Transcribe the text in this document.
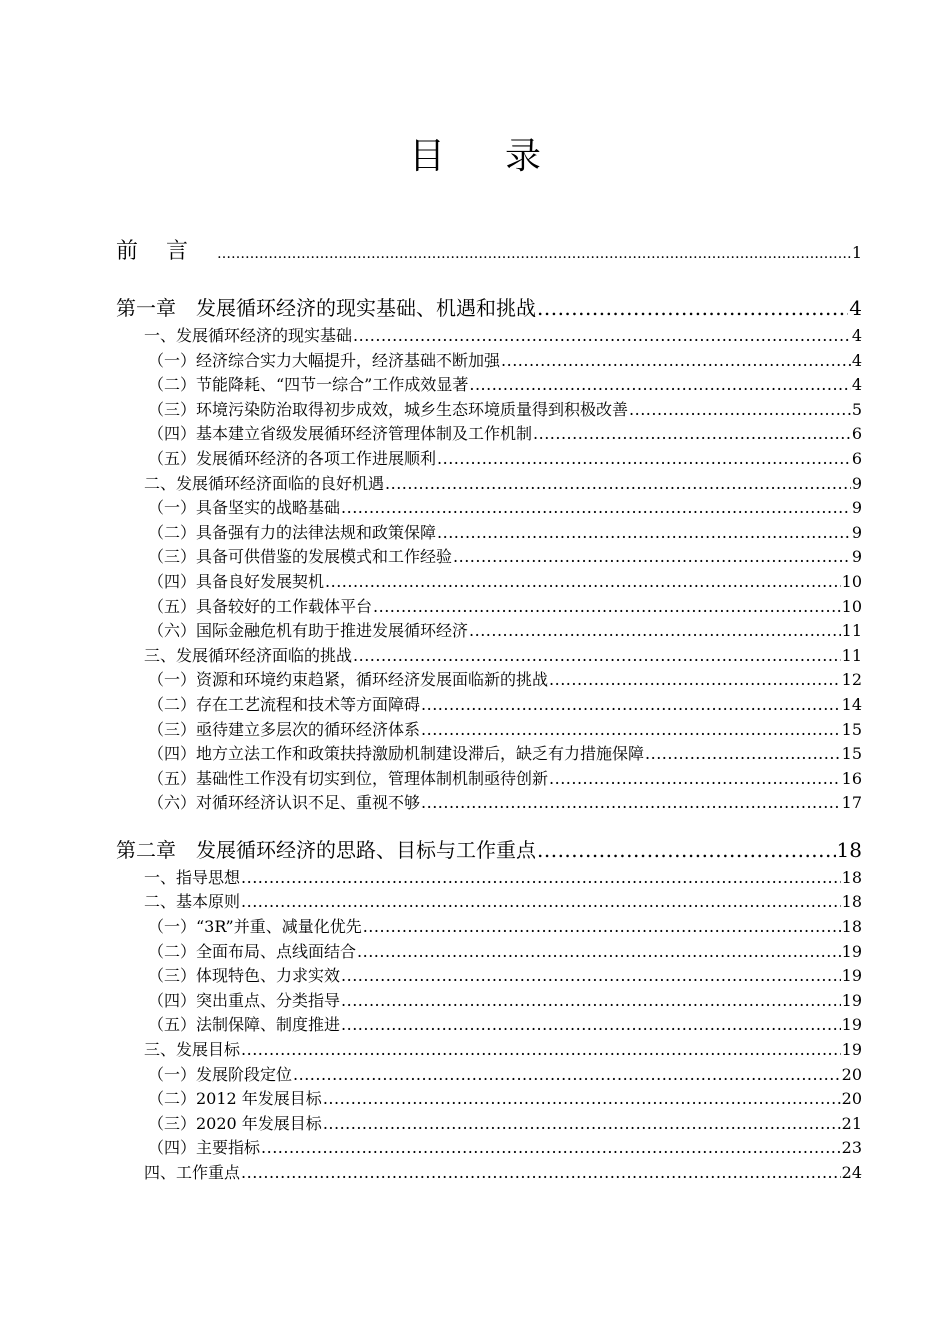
目录
前言 ………………………………………………………………………………………………………………………………………………………………	1
第一章　发展循环经济的现实基础、机遇和挑战 .....	4
一、发展循环经济的现实基础 .....	4
（一）经济综合实力大幅提升，经济基础不断加强 .....	4
（二）节能降耗、“四节一综合”工作成效显著 .....	4
（三）环境污染防治取得初步成效，城乡生态环境质量得到积极改善 .....	5
（四）基本建立省级发展循环经济管理体制及工作机制 .....	6
（五）发展循环经济的各项工作进展顺利 .....	6
二、发展循环经济面临的良好机遇 .....	9
（一）具备坚实的战略基础 .....	9
（二）具备强有力的法律法规和政策保障 .....	9
（三）具备可供借鉴的发展模式和工作经验 .....	9
（四）具备良好发展契机 .....	10
（五）具备较好的工作载体平台 .....	10
（六）国际金融危机有助于推进发展循环经济 .....	11
三、发展循环经济面临的挑战 .....	11
（一）资源和环境约束趋紧，循环经济发展面临新的挑战 .....	12
（二）存在工艺流程和技术等方面障碍 .....	14
（三）亟待建立多层次的循环经济体系 .....	15
（四）地方立法工作和政策扶持激励机制建设滞后，缺乏有力措施保障 .....	15
（五）基础性工作没有切实到位，管理体制机制亟待创新 .....	16
（六）对循环经济认识不足、重视不够 .....	17
第二章　发展循环经济的思路、目标与工作重点 .....	18
一、指导思想 .....	18
二、基本原则 .....	18
（一）“3R”并重、减量化优先 .....	18
（二）全面布局、点线面结合 .....	19
（三）体现特色、力求实效 .....	19
（四）突出重点、分类指导 .....	19
（五）法制保障、制度推进 .....	19
三、发展目标 .....	19
（一）发展阶段定位 .....	20
（二）2012 年发展目标 .....	20
（三）2020 年发展目标 .....	21
（四）主要指标 .....	23
四、工作重点 .....	24
